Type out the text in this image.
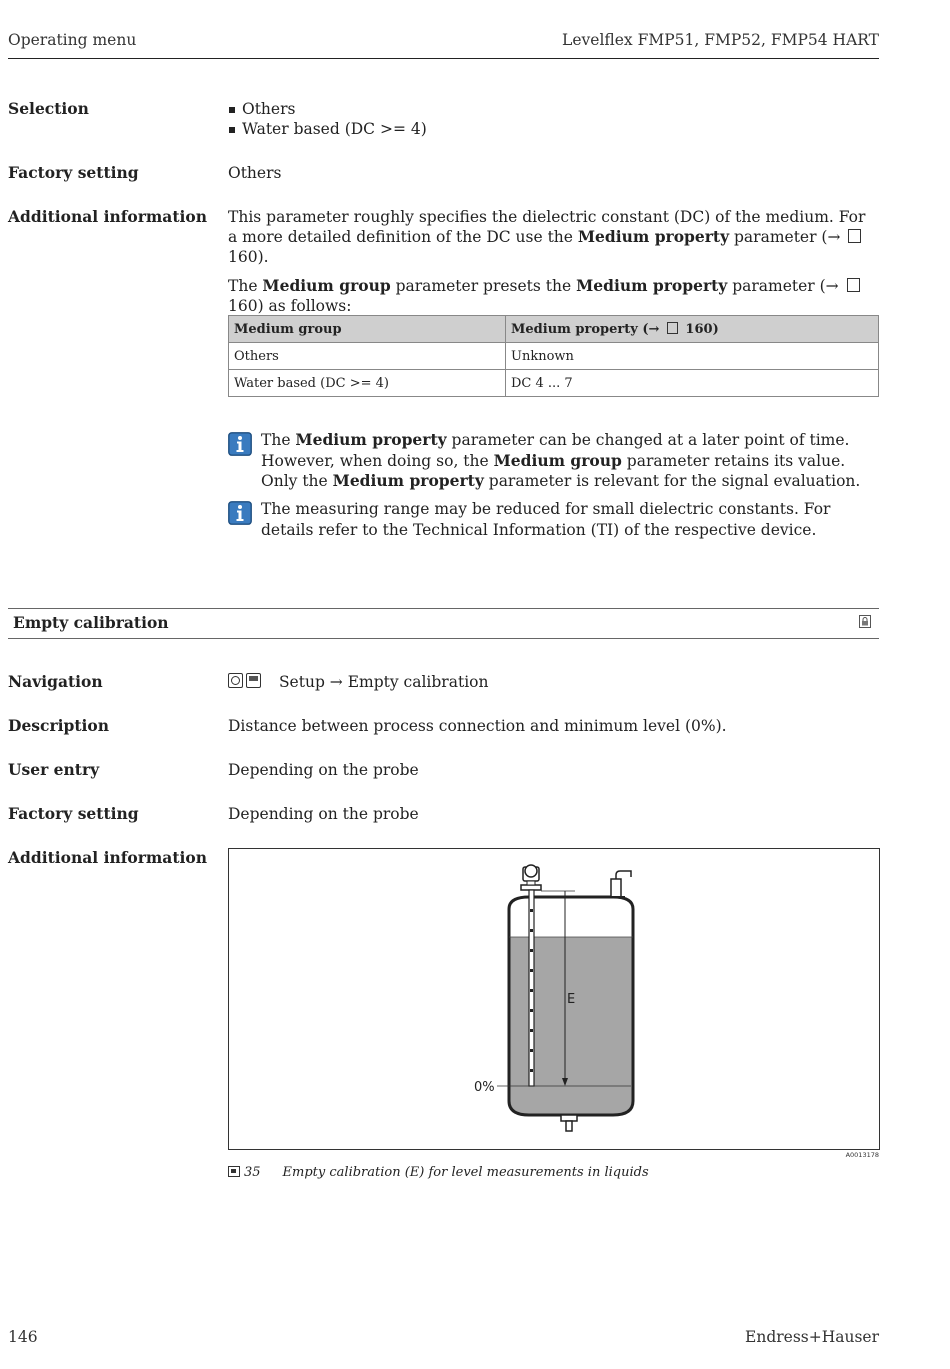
Operating menu	Levelflex FMP51, FMP52, FMP54 HART
Selection	Others
Water based (DC >= 4)
Factory setting	Others
Additional information This parameter roughly specifies the dielectric constant (DC) of the medium. For a more detailed definition of the DC use the Medium property parameter (→  160).

The Medium group parameter presets the Medium property parameter (→  160) as follows:

Medium group	Medium property (→  160)
Others	Unknown
Water based (DC >= 4)	DC 4 ... 7
The Medium property parameter can be changed at a later point of time. However, when doing so, the Medium group parameter retains its value. Only the Medium property parameter is relevant for the signal evaluation.
The measuring range may be reduced for small dielectric constants. For details refer to the Technical Information (TI) of the respective device.
Empty calibration
Navigation	Setup → Empty calibration
Description	Distance between process connection and minimum level (0%).
User entry	Depending on the probe
Factory setting	Depending on the probe
Additional information
E
0%
A0013178
35 Empty calibration (E) for level measurements in liquids
146	Endress+Hauser
